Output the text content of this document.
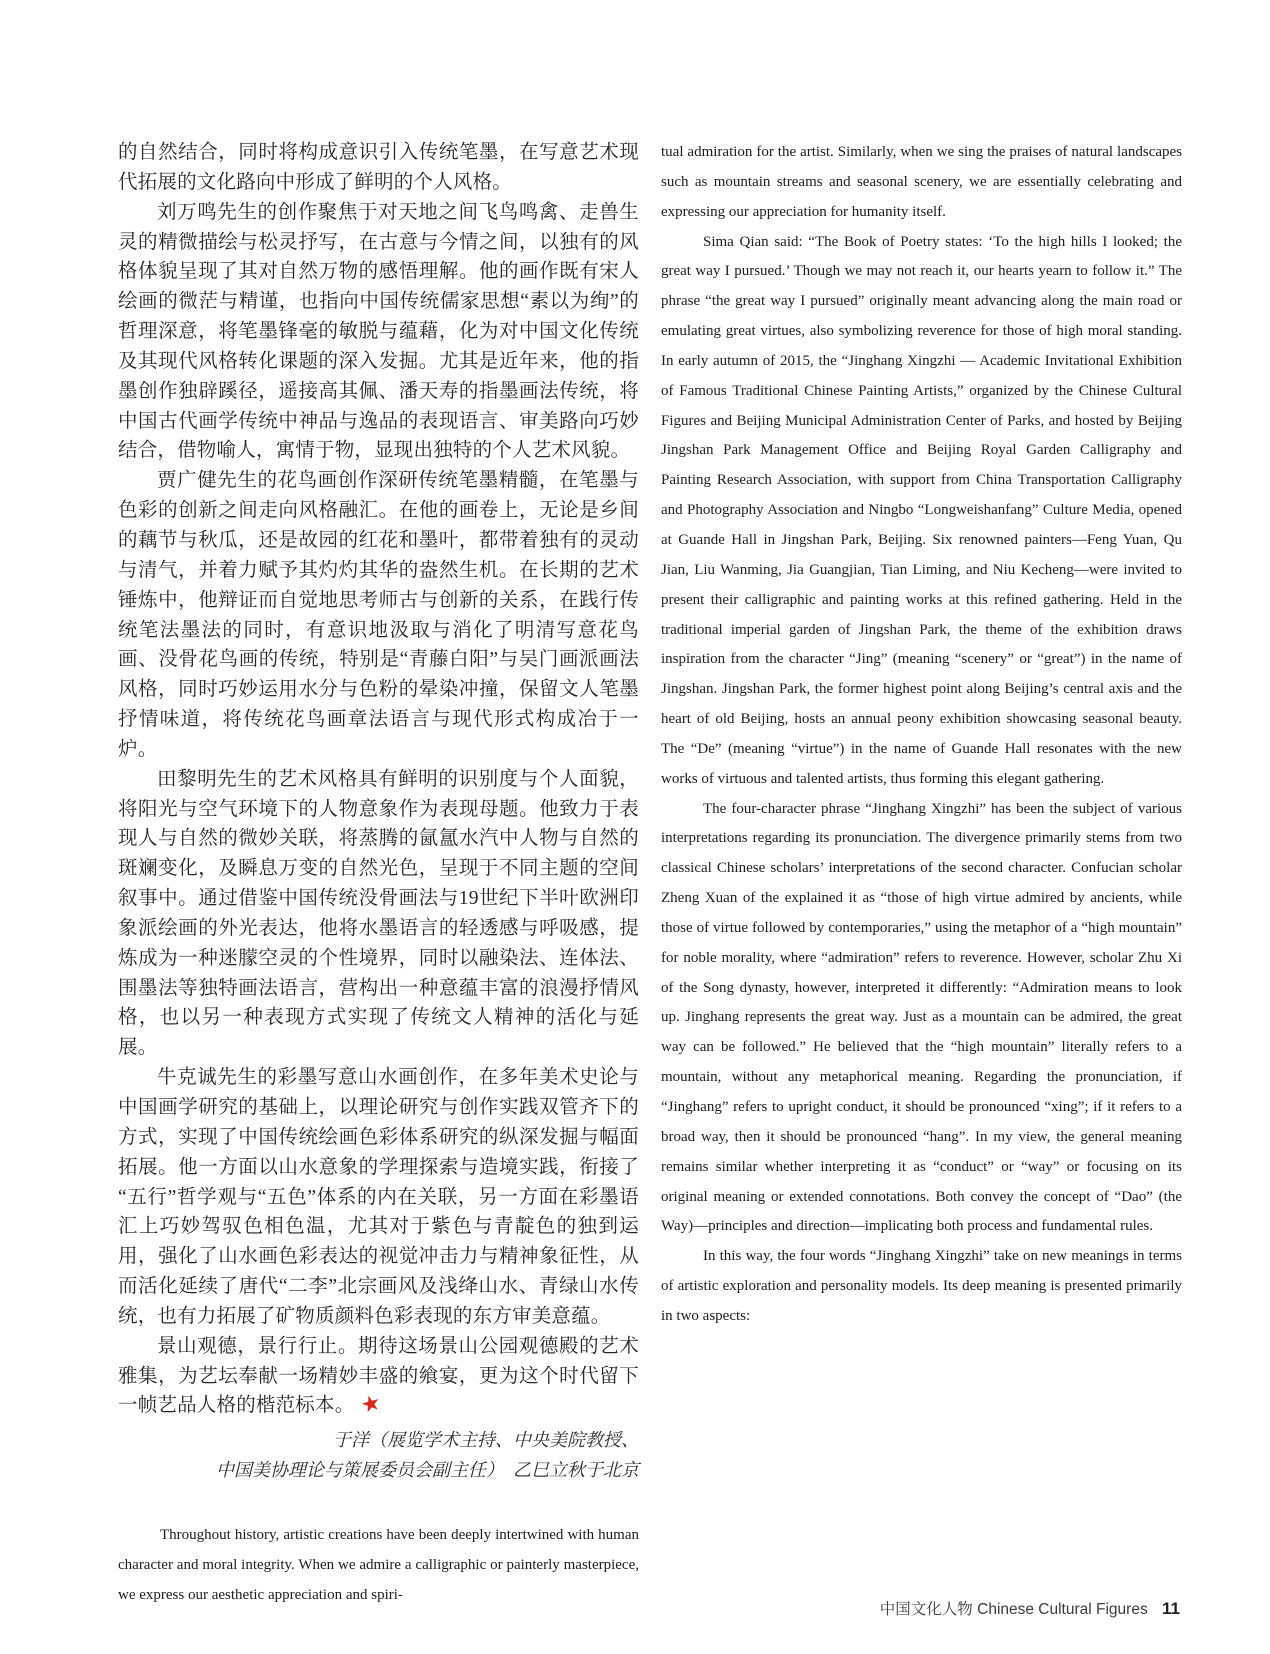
的自然结合，同时将构成意识引入传统笔墨，在写意艺术现代拓展的文化路向中形成了鲜明的个人风格。

刘万鸣先生的创作聚焦于对天地之间飞鸟鸣禽、走兽生灵的精微描绘与松灵抒写，在古意与今情之间，以独有的风格体貌呈现了其对自然万物的感悟理解。他的画作既有宋人绘画的微茫与精谨，也指向中国传统儒家思想“素以为绚”的哲理深意，将笔墨锋毫的敏脱与蕴藉，化为对中国文化传统及其现代风格转化课题的深入发掘。尤其是近年来，他的指墨创作独辟蹊径，遥接高其佩、潘天寿的指墨画法传统，将中国古代画学传统中神品与逸品的表现语言、审美路向巧妙结合，借物喻人，寓情于物，显现出独特的个人艺术风貌。

贾广健先生的花鸟画创作深研传统笔墨精髓，在笔墨与色彩的创新之间走向风格融汇。在他的画卷上，无论是乡间的藕节与秋瓜，还是故园的红花和墨叶，都带着独有的灵动与清气，并着力赋予其灼灼其华的盎然生机。在长期的艺术锤炼中，他辩证而自觉地思考师古与创新的关系，在践行传统笔法墨法的同时，有意识地汲取与消化了明清写意花鸟画、没骨花鸟画的传统，特别是“青藤白阳”与吴门画派画法风格，同时巧妙运用水分与色粉的晕染冲撞，保留文人笔墨抒情味道，将传统花鸟画章法语言与现代形式构成冶于一炉。

田黎明先生的艺术风格具有鲜明的识别度与个人面貌，将阳光与空气环境下的人物意象作为表现母题。他致力于表现人与自然的微妙关联，将蒸腾的氤氲水汽中人物与自然的斑斓变化，及瞬息万变的自然光色，呈现于不同主题的空间叙事中。通过借鉴中国传统没骨画法与19世纪下半叶欧洲印象派绘画的外光表达，他将水墨语言的轻透感与呼吸感，提炼成为一种迷朦空灵的个性境界，同时以融染法、连体法、围墨法等独特画法语言，营构出一种意蕴丰富的浪漫抒情风格，也以另一种表现方式实现了传统文人精神的活化与延展。

牛克诚先生的彩墨写意山水画创作，在多年美术史论与中国画学研究的基础上，以理论研究与创作实践双管齐下的方式，实现了中国传统绘画色彩体系研究的纵深发掘与幅面拓展。他一方面以山水意象的学理探索与造境实践，衔接了“五行”哲学观与“五色”体系的内在关联，另一方面在彩墨语汇上巧妙驾驭色相色温，尤其对于紫色与青靛色的独到运用，强化了山水画色彩表达的视觉冲击力与精神象征性，从而活化延续了唐代“二李”北宗画风及浅绛山水、青绿山水传统，也有力拓展了矿物质颜料色彩表现的东方审美意蕴。

景山观德，景行行止。期待这场景山公园观德殿的艺术雅集，为艺坛奉献一场精妙丰盛的飨宴，更为这个时代留下一帧艺品人格的楷范标本。 ★

于洋（展览学术主持、中央美院教授、
中国美协理论与策展委员会副主任）　乙巳立秋于北京

Throughout history, artistic creations have been deeply intertwined with human character and moral integrity. When we admire a calligraphic or painterly masterpiece, we express our aesthetic appreciation and spiri-

tual admiration for the artist. Similarly, when we sing the praises of natural landscapes such as mountain streams and seasonal scenery, we are essentially celebrating and expressing our appreciation for humanity itself.

Sima Qian said: “The Book of Poetry states: ‘To the high hills I looked; the great way I pursued.’ Though we may not reach it, our hearts yearn to follow it.” The phrase “the great way I pursued” originally meant advancing along the main road or emulating great virtues, also symbolizing reverence for those of high moral standing. In early autumn of 2015, the “Jinghang Xingzhi — Academic Invitational Exhibition of Famous Traditional Chinese Painting Artists,” organized by the Chinese Cultural Figures and Beijing Municipal Administration Center of Parks, and hosted by Beijing Jingshan Park Management Office and Beijing Royal Garden Calligraphy and Painting Research Association, with support from China Transportation Calligraphy and Photography Association and Ningbo “Longweishanfang” Culture Media, opened at Guande Hall in Jingshan Park, Beijing. Six renowned painters—Feng Yuan, Qu Jian, Liu Wanming, Jia Guangjian, Tian Liming, and Niu Kecheng—were invited to present their calligraphic and painting works at this refined gathering. Held in the traditional imperial garden of Jingshan Park, the theme of the exhibition draws inspiration from the character “Jing” (meaning “scenery” or “great”) in the name of Jingshan. Jingshan Park, the former highest point along Beijing’s central axis and the heart of old Beijing, hosts an annual peony exhibition showcasing seasonal beauty. The “De” (meaning “virtue”) in the name of Guande Hall resonates with the new works of virtuous and talented artists, thus forming this elegant gathering.

The four-character phrase “Jinghang Xingzhi” has been the subject of various interpretations regarding its pronunciation. The divergence primarily stems from two classical Chinese scholars’ interpretations of the second character. Confucian scholar Zheng Xuan of the explained it as “those of high virtue admired by ancients, while those of virtue followed by contemporaries,” using the metaphor of a “high mountain” for noble morality, where “admiration” refers to reverence. However, scholar Zhu Xi of the Song dynasty, however, interpreted it differently: “Admiration means to look up. Jinghang represents the great way. Just as a mountain can be admired, the great way can be followed.” He believed that the “high mountain” literally refers to a mountain, without any metaphorical meaning. Regarding the pronunciation, if “Jinghang” refers to upright conduct, it should be pronounced “xing”; if it refers to a broad way, then it should be pronounced “hang”. In my view, the general meaning remains similar whether interpreting it as “conduct” or “way” or focusing on its original meaning or extended connotations. Both convey the concept of “Dao” (the Way)—principles and direction—implicating both process and fundamental rules.

In this way, the four words “Jinghang Xingzhi” take on new meanings in terms of artistic exploration and personality models. Its deep meaning is presented primarily in two aspects:

中国文化人物 Chinese Cultural Figures 11
